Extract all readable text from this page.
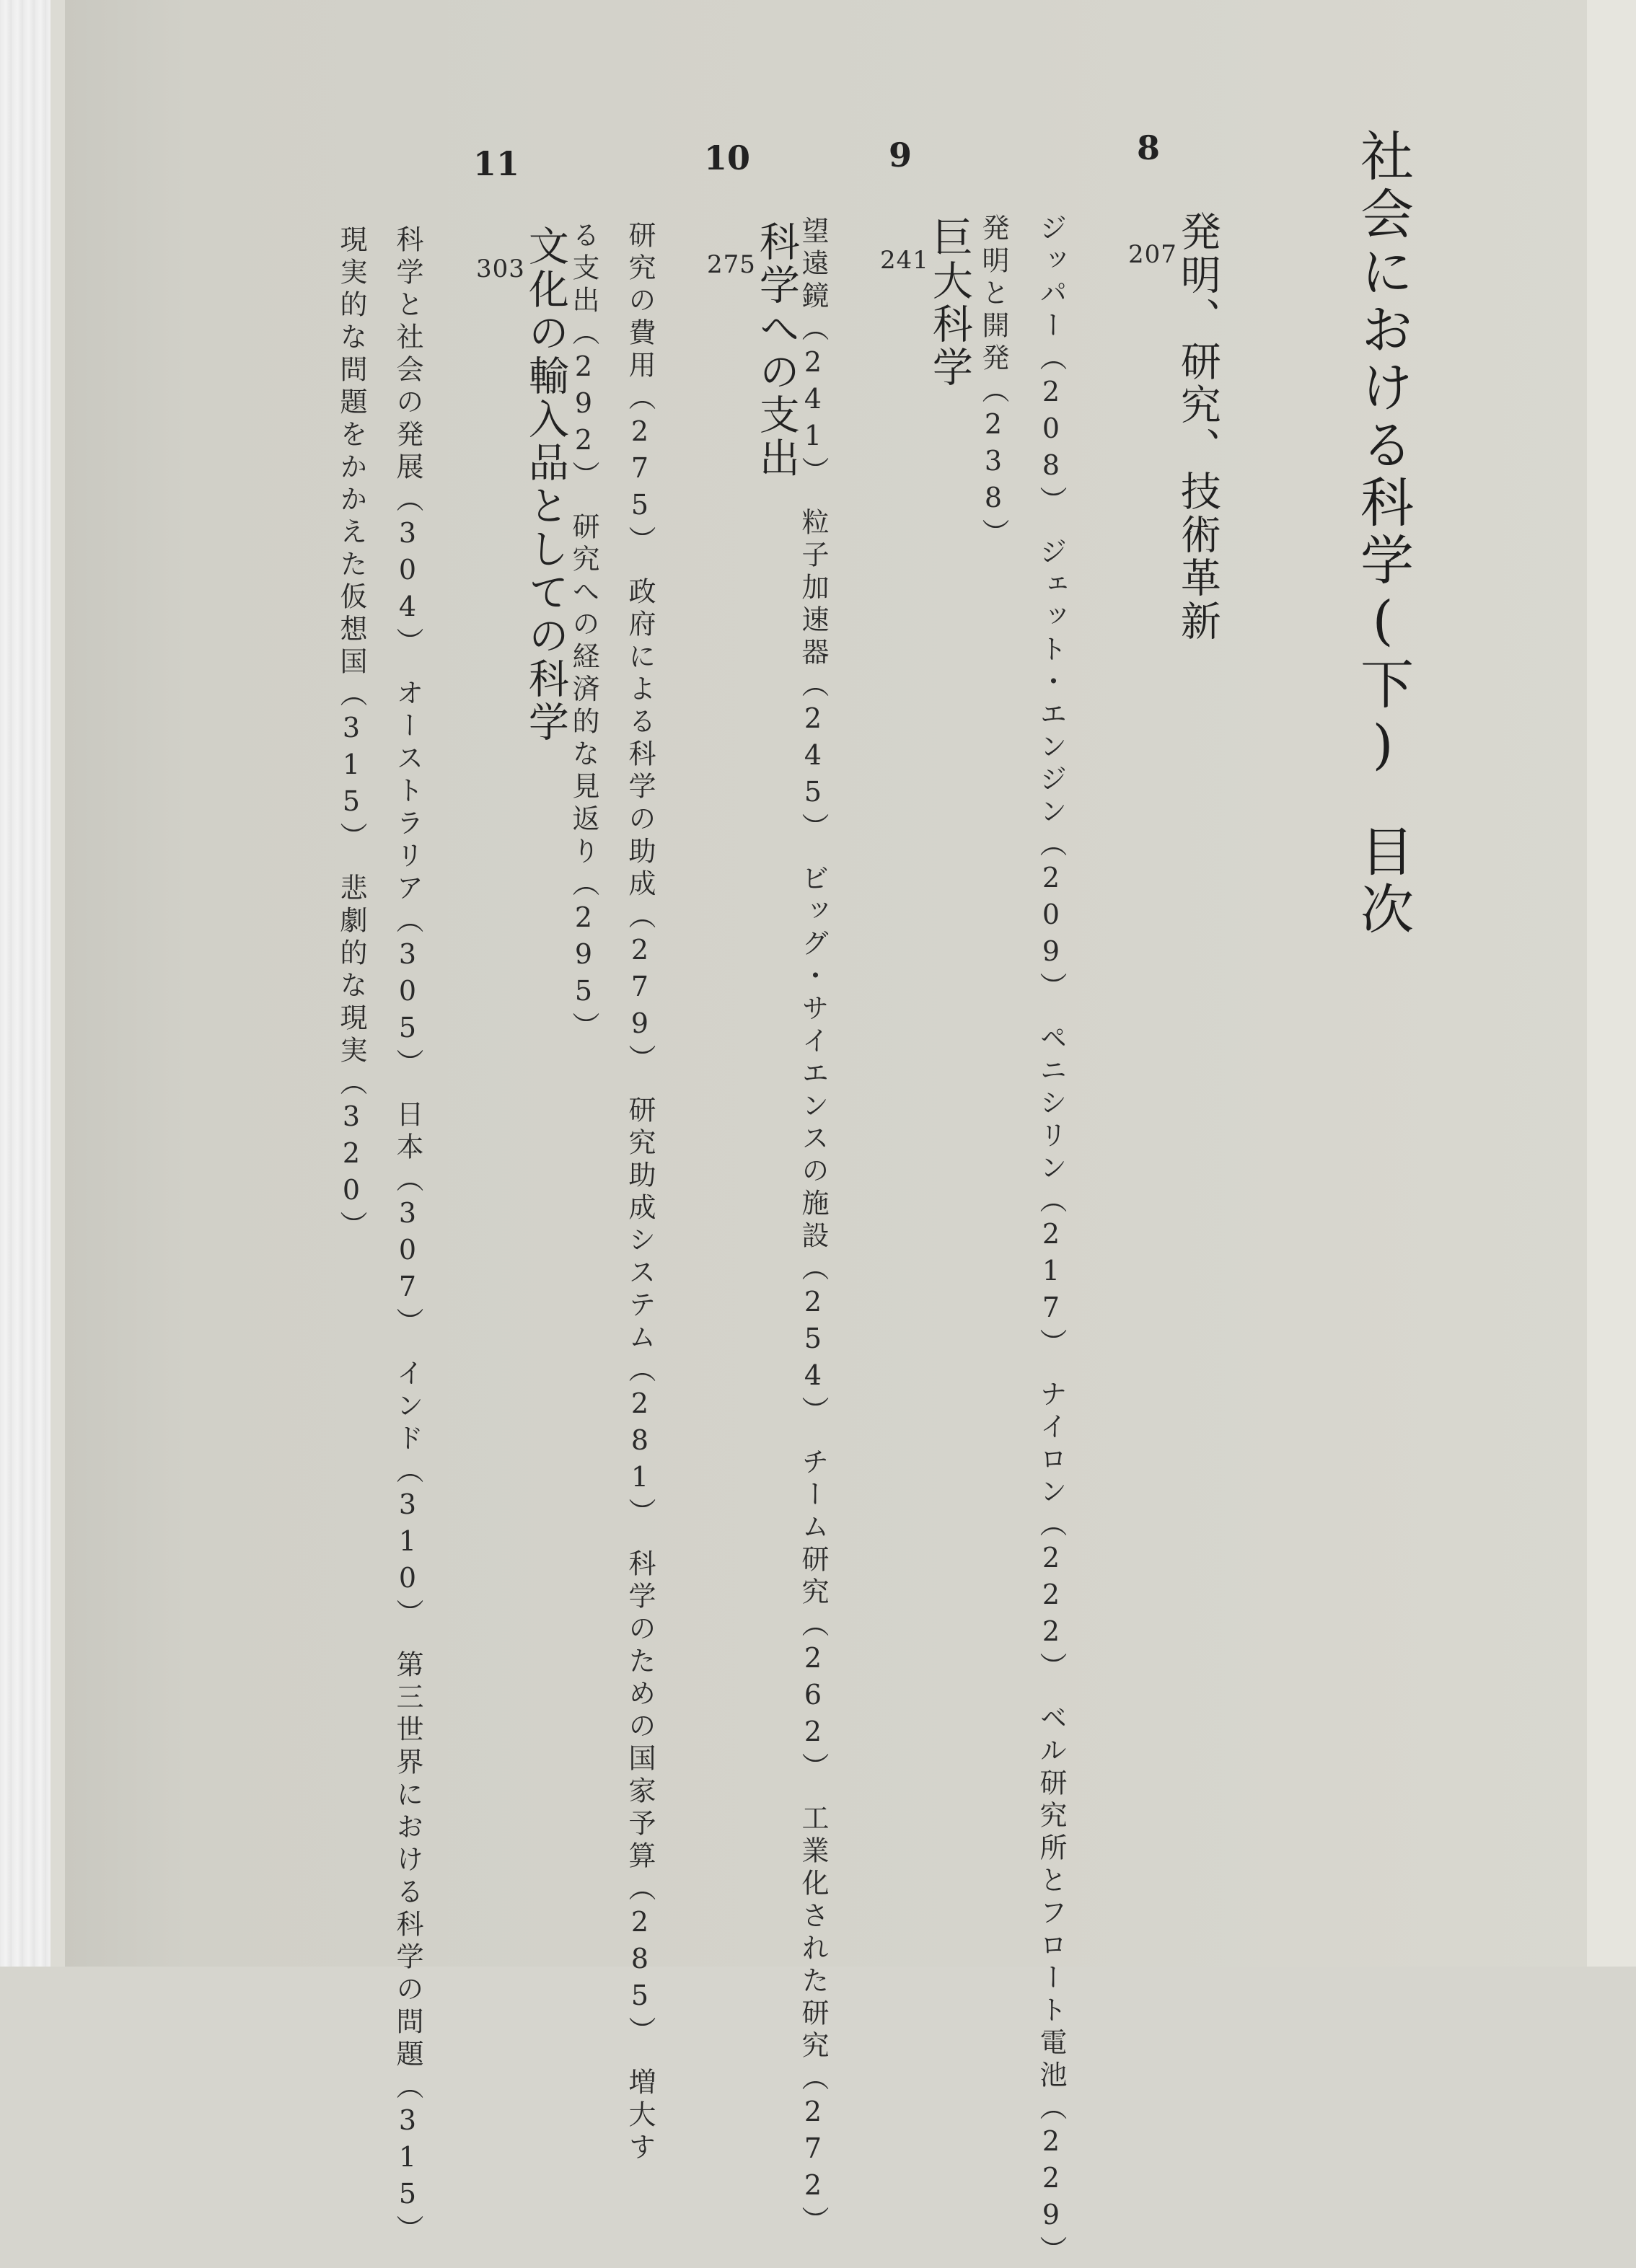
社会における科学(下)目次
8
発明、研究、技術革新
207
ジッパー（208）　ジェット・エンジン（209）　ペニシリン（217）　ナイロン（222）　ベル研究所とフロート電池（229）
発明と開発（238）
9
巨大科学
241
望遠鏡（241）　粒子加速器（245）　ビッグ・サイエンスの施設（254）　チーム研究（262）　工業化された研究（272）
10
科学への支出
275
研究の費用（275）　政府による科学の助成（279）　研究助成システム（281）　科学のための国家予算（285）　増大す
る支出（292）　研究への経済的な見返り（295）
11
文化の輸入品としての科学
303
科学と社会の発展（304）　オーストラリア（305）　日本（307）　インド（310）　第三世界における科学の問題（315）
現実的な問題をかかえた仮想国（315）　悲劇的な現実（320）
